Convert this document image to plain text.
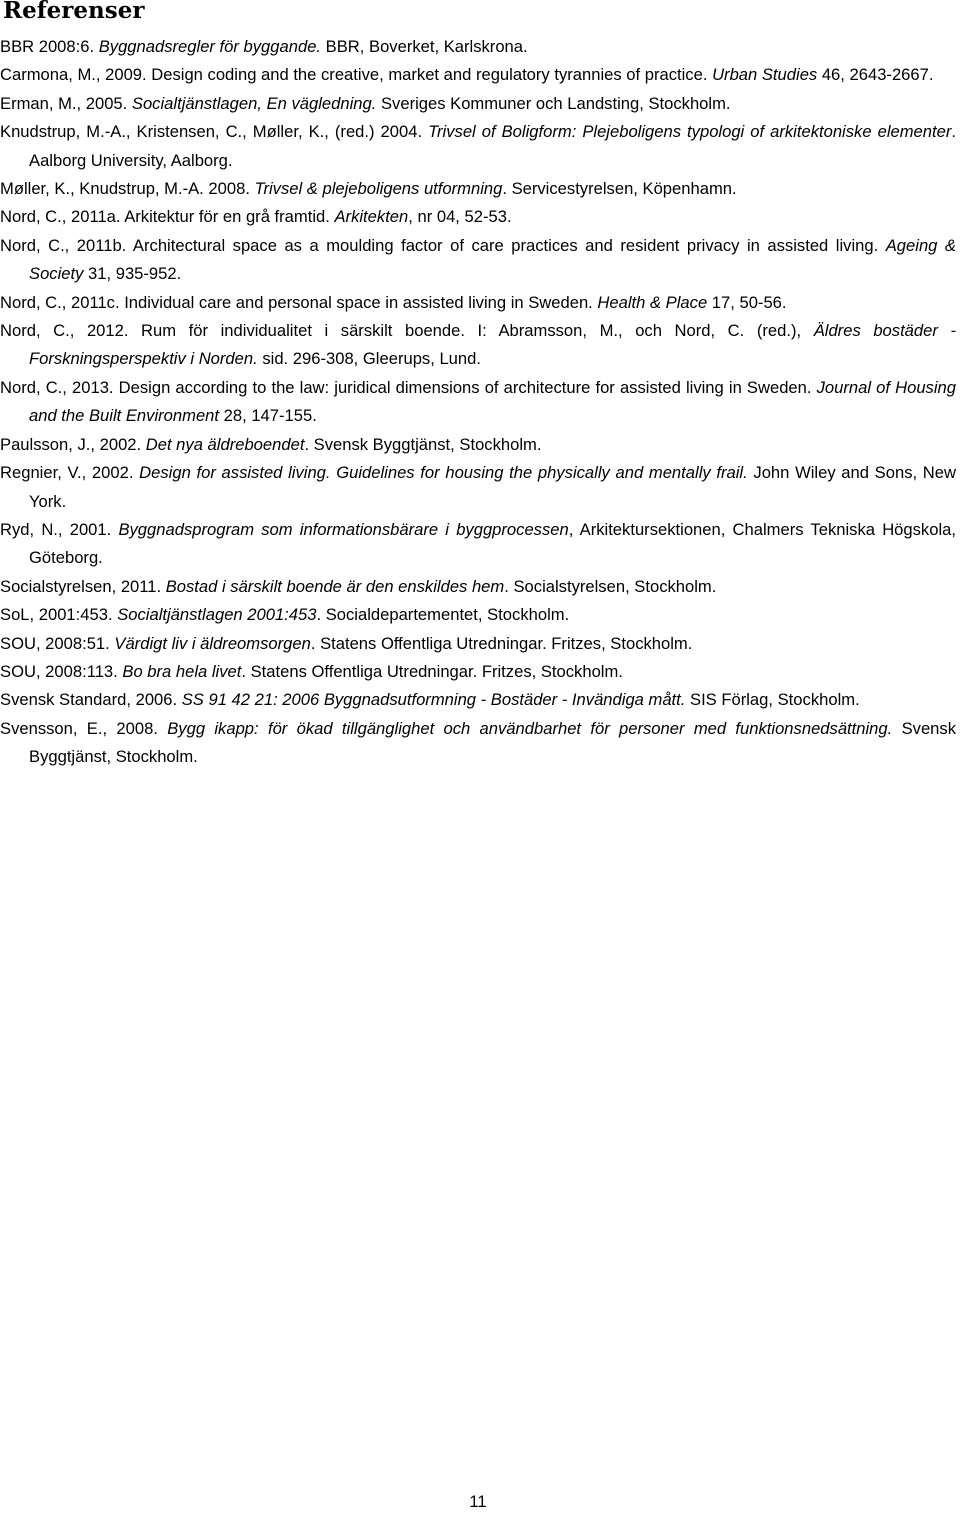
Referenser
BBR 2008:6. Byggnadsregler för byggande. BBR, Boverket, Karlskrona.
Carmona, M., 2009. Design coding and the creative, market and regulatory tyrannies of practice. Urban Studies 46, 2643-2667.
Erman, M., 2005. Socialtjänstlagen, En vägledning. Sveriges Kommuner och Landsting, Stockholm.
Knudstrup, M.-A., Kristensen, C., Møller, K., (red.) 2004. Trivsel of Boligform: Plejeboligens typologi of arkitektoniske elementer. Aalborg University, Aalborg.
Møller, K., Knudstrup, M.-A. 2008. Trivsel & plejeboligens utformning. Servicestyrelsen, Köpenhamn.
Nord, C., 2011a. Arkitektur för en grå framtid. Arkitekten, nr 04, 52-53.
Nord, C., 2011b. Architectural space as a moulding factor of care practices and resident privacy in assisted living. Ageing & Society 31, 935-952.
Nord, C., 2011c. Individual care and personal space in assisted living in Sweden. Health & Place 17, 50-56.
Nord, C., 2012. Rum för individualitet i särskilt boende. I: Abramsson, M., och Nord, C. (red.), Äldres bostäder - Forskningsperspektiv i Norden. sid. 296-308, Gleerups, Lund.
Nord, C., 2013. Design according to the law: juridical dimensions of architecture for assisted living in Sweden. Journal of Housing and the Built Environment 28, 147-155.
Paulsson, J., 2002. Det nya äldreboendet. Svensk Byggtjänst, Stockholm.
Regnier, V., 2002. Design for assisted living. Guidelines for housing the physically and mentally frail. John Wiley and Sons, New York.
Ryd, N., 2001. Byggnadsprogram som informationsbärare i byggprocessen, Arkitektursektionen, Chalmers Tekniska Högskola, Göteborg.
Socialstyrelsen, 2011. Bostad i särskilt boende är den enskildes hem. Socialstyrelsen, Stockholm.
SoL, 2001:453. Socialtjänstlagen 2001:453. Socialdepartementet, Stockholm.
SOU, 2008:51. Värdigt liv i äldreomsorgen. Statens Offentliga Utredningar. Fritzes, Stockholm.
SOU, 2008:113. Bo bra hela livet. Statens Offentliga Utredningar. Fritzes, Stockholm.
Svensk Standard, 2006. SS 91 42 21: 2006 Byggnadsutformning - Bostäder - Invändiga mått. SIS Förlag, Stockholm.
Svensson, E., 2008. Bygg ikapp: för ökad tillgänglighet och användbarhet för personer med funktionsnedsättning. Svensk Byggtjänst, Stockholm.
11
